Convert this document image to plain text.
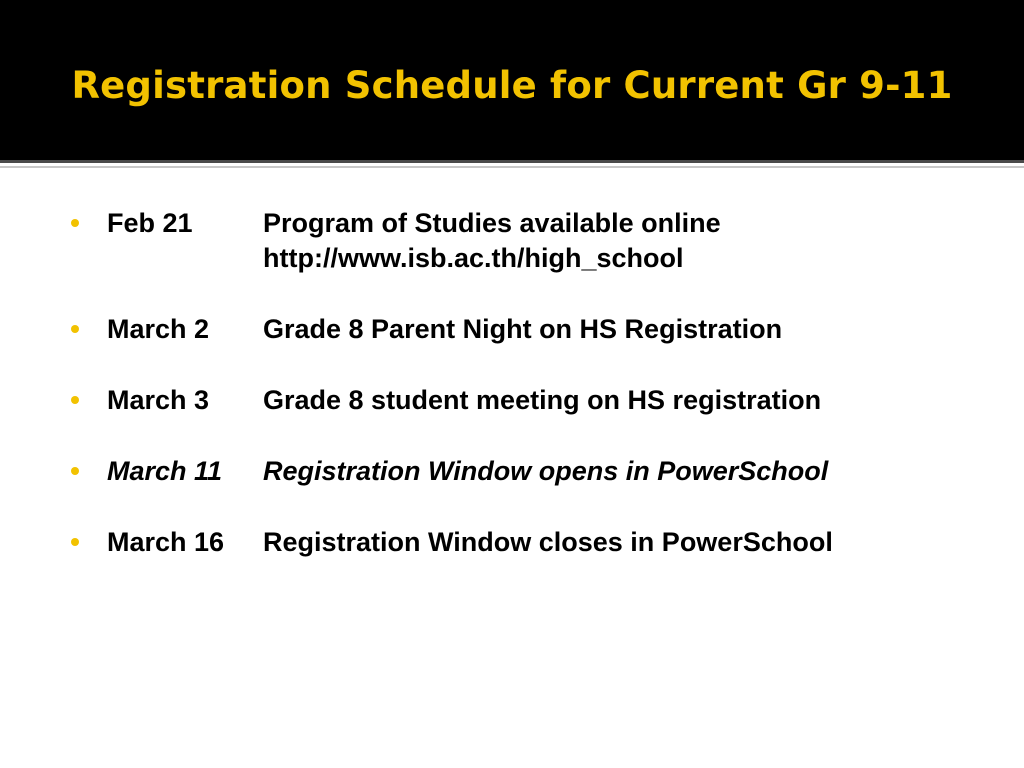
Registration Schedule for Current Gr 9-11
Feb 21	Program of Studies available online
http://www.isb.ac.th/high_school
March 2 Grade 8 Parent Night on HS Registration
March 3 Grade 8 student meeting on HS registration
March 11 Registration Window opens in PowerSchool
March 16 Registration Window closes in PowerSchool
